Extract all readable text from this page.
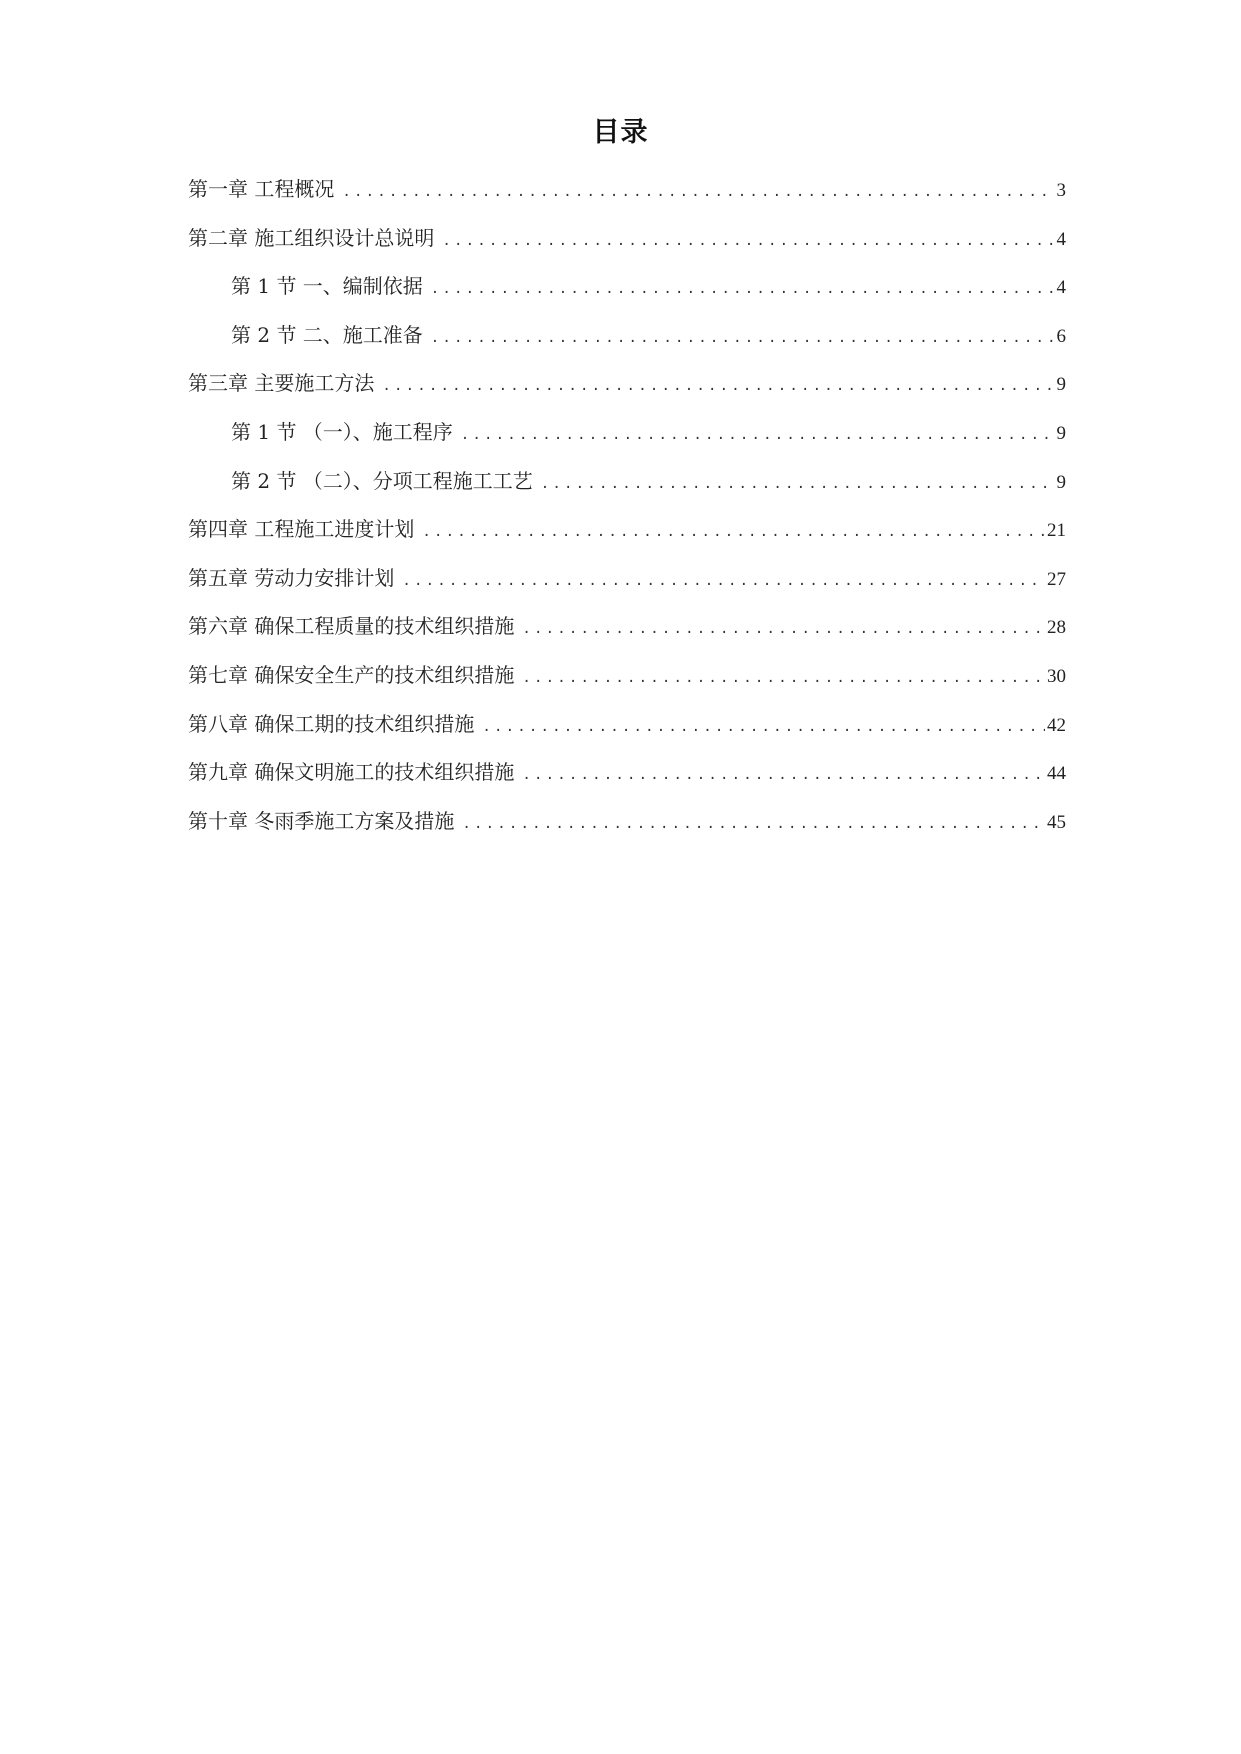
目录
第一章 工程概况 .....	3
第二章 施工组织设计总说明 .....	4
第 1 节 一、编制依据 .....	4
第 2 节 二、施工准备 .....	6
第三章 主要施工方法 .....	9
第 1 节 （一）、施工程序 .....	9
第 2 节 （二）、分项工程施工工艺 .....	9
第四章 工程施工进度计划 .....	21
第五章 劳动力安排计划 .....	27
第六章 确保工程质量的技术组织措施 .....	28
第七章 确保安全生产的技术组织措施 .....	30
第八章 确保工期的技术组织措施 .....	42
第九章 确保文明施工的技术组织措施 .....	44
第十章 冬雨季施工方案及措施 .....	45
